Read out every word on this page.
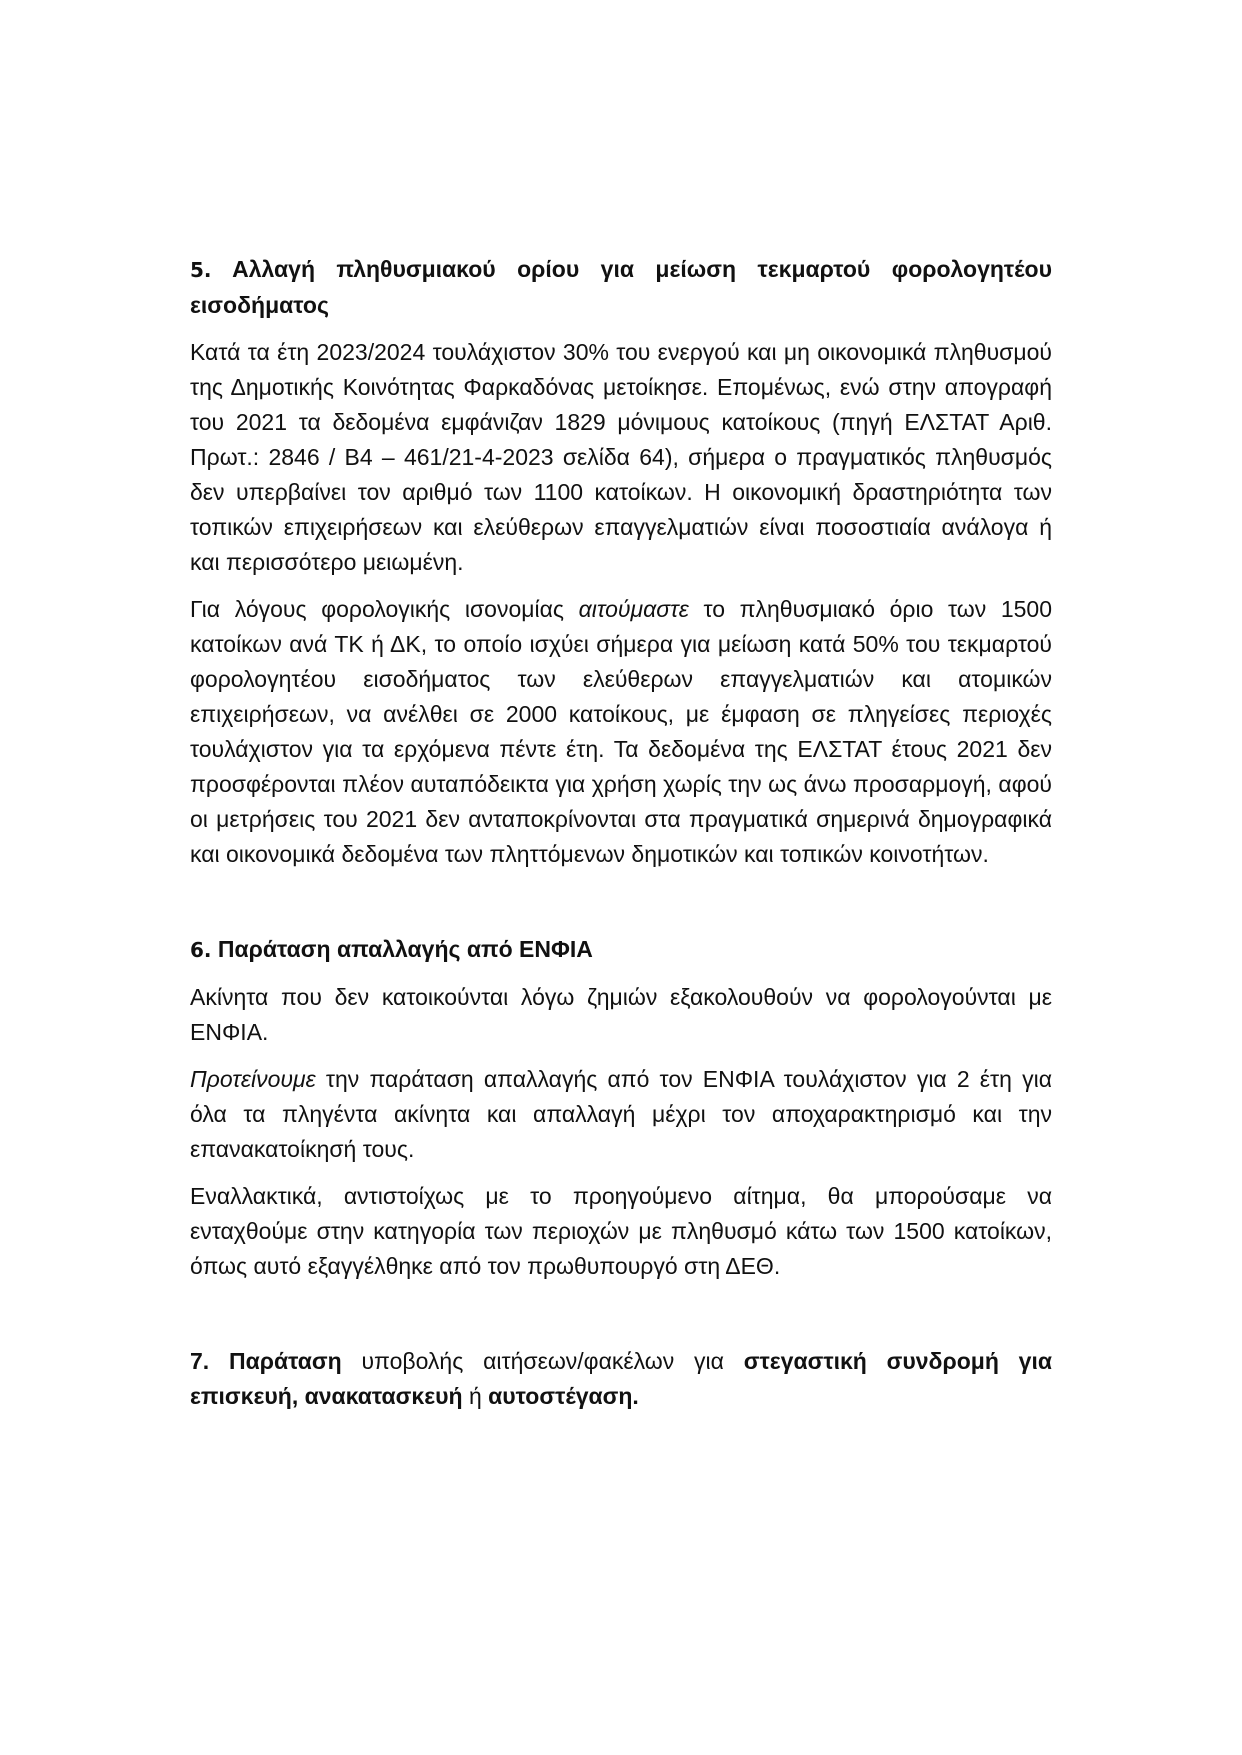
5. Αλλαγή πληθυσμιακού ορίου για μείωση τεκμαρτού φορολογητέου εισοδήματος

Κατά τα έτη 2023/2024 τουλάχιστον 30% του ενεργού και μη οικονομικά πληθυσμού της Δημοτικής Κοινότητας Φαρκαδόνας μετοίκησε. Επομένως, ενώ στην απογραφή του 2021 τα δεδομένα εμφάνιζαν 1829 μόνιμους κατοίκους (πηγή ΕΛΣΤΑΤ Αριθ. Πρωτ.: 2846 / Β4 – 461/21-4-2023 σελίδα 64), σήμερα ο πραγματικός πληθυσμός δεν υπερβαίνει τον αριθμό των 1100 κατοίκων. Η οικονομική δραστηριότητα των τοπικών επιχειρήσεων και ελεύθερων επαγγελματιών είναι ποσοστιαία ανάλογα ή και περισσότερο μειωμένη.

Για λόγους φορολογικής ισονομίας αιτούμαστε το πληθυσμιακό όριο των 1500 κατοίκων ανά ΤΚ ή ΔΚ, το οποίο ισχύει σήμερα για μείωση κατά 50% του τεκμαρτού φορολογητέου εισοδήματος των ελεύθερων επαγγελματιών και ατομικών επιχειρήσεων, να ανέλθει σε 2000 κατοίκους, με έμφαση σε πληγείσες περιοχές τουλάχιστον για τα ερχόμενα πέντε έτη. Τα δεδομένα της ΕΛΣΤΑΤ έτους 2021 δεν προσφέρονται πλέον αυταπόδεικτα για χρήση χωρίς την ως άνω προσαρμογή, αφού οι μετρήσεις του 2021 δεν ανταποκρίνονται στα πραγματικά σημερινά δημογραφικά και οικονομικά δεδομένα των πληττόμενων δημοτικών και τοπικών κοινοτήτων.

6. Παράταση απαλλαγής από ΕΝΦΙΑ

Ακίνητα που δεν κατοικούνται λόγω ζημιών εξακολουθούν να φορολογούνται με ΕΝΦΙΑ.

Προτείνουμε την παράταση απαλλαγής από τον ΕΝΦΙΑ τουλάχιστον για 2 έτη για όλα τα πληγέντα ακίνητα και απαλλαγή μέχρι τον αποχαρακτηρισμό και την επανακατοίκησή τους.

Εναλλακτικά, αντιστοίχως με το προηγούμενο αίτημα, θα μπορούσαμε να ενταχθούμε στην κατηγορία των περιοχών με πληθυσμό κάτω των 1500 κατοίκων, όπως αυτό εξαγγέλθηκε από τον πρωθυπουργό στη ΔΕΘ.

7. Παράταση υποβολής αιτήσεων/φακέλων για στεγαστική συνδρομή για επισκευή, ανακατασκευή ή αυτοστέγαση.
